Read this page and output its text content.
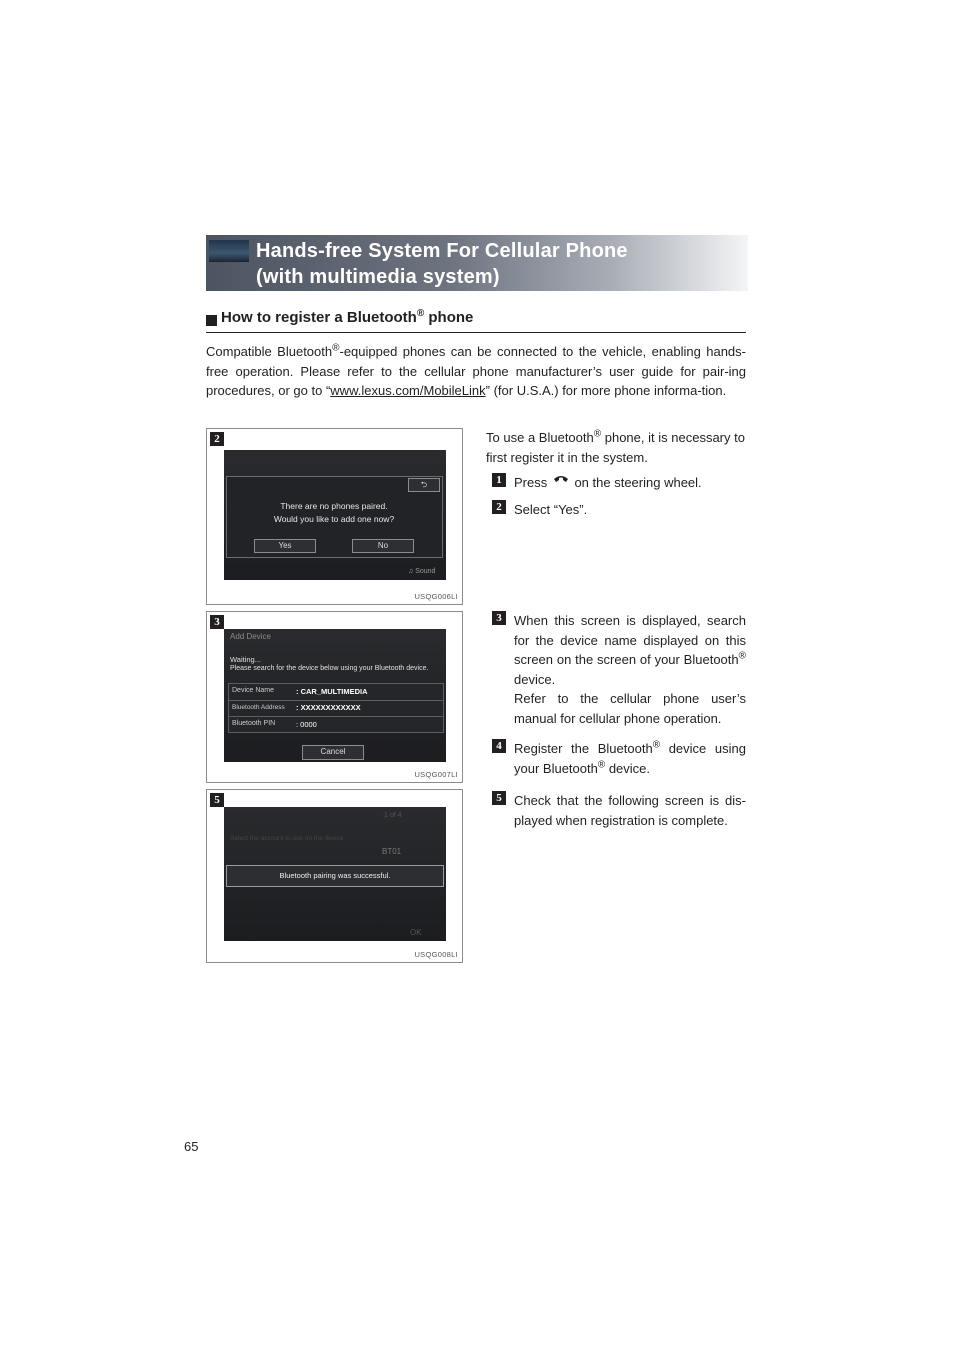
Hands-free System For Cellular Phone
(with multimedia system)
How to register a Bluetooth® phone
Compatible Bluetooth®-equipped phones can be connected to the vehicle, enabling hands-free operation. Please refer to the cellular phone manufacturer’s user guide for pair-ing procedures, or go to “www.lexus.com/MobileLink” (for U.S.A.) for more phone informa-tion.
2
⮌
There are no phones paired.
Would you like to add one now?
Yes	No
♫ Sound
USQG006LI
3
Add Device
Waiting...
Please search for the device below using your Bluetooth device.
Device Name	: CAR_MULTIMEDIA
Bluetooth Address : XXXXXXXXXXXX
Bluetooth PIN	: 0000
Cancel
USQG007LI
5
1 of 4
Select the account to use on the device.
BT01
Bluetooth pairing was successful.
OK
USQG008LI
To use a Bluetooth® phone, it is necessary to first register it in the system.
1 Press  on the steering wheel.
2 Select “Yes”.
3 When this screen is displayed, search for the device name displayed on this screen on the screen of your Bluetooth® device.
Refer to the cellular phone user’s manual for cellular phone operation.
4 Register the Bluetooth® device using your Bluetooth® device.
5 Check that the following screen is dis-played when registration is complete.
65
